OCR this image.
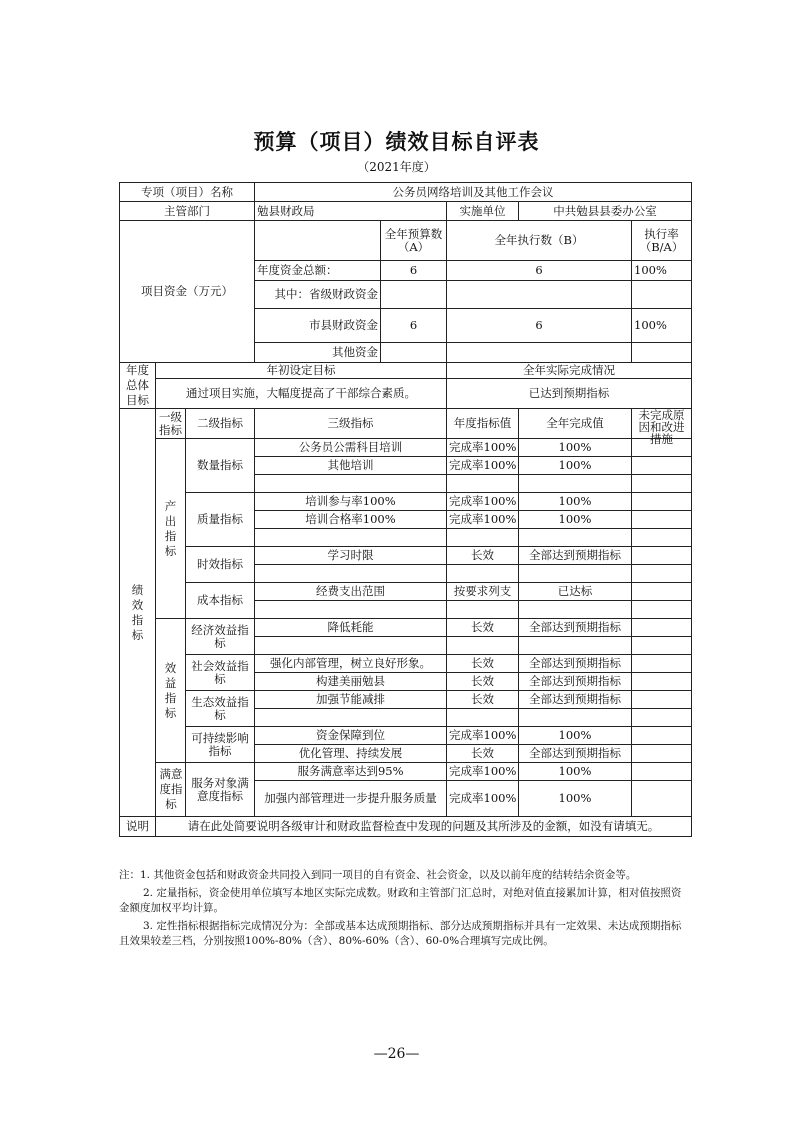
预算（项目）绩效目标自评表
（2021年度）
专项（项目）名称			公务员网络培训及其他工作会议				
主管部门			勉县财政局		实施单位	中共勉县县委办公室	
项目资金（万元）				全年预算数（A）	全年执行数（B）		执行率（B/A）
			年度资金总额：	6	6		100%
			其中：省级财政资金				
			市县财政资金	6	6		100%
			其他资金				
年度总体目标	年初设定目标				全年实际完成情况		
	通过项目实施，大幅度提高了干部综合素质。				已达到预期指标		
绩效指标	一级指标	二级指标	三级指标		年度指标值	全年完成值	未完成原因和改进措施

	产出指标	数量指标	公务员公需科目培训		完成率100%	100%	
			其他培训		完成率100%	100%	

		质量指标	培训参与率100%		完成率100%	100%	
			培训合格率100%		完成率100%	100%	

		时效指标	学习时限		长效	全部达到预期指标	

		成本指标	经费支出范围		按要求列支	已达标	

	效益指标	经济效益指标	降低耗能		长效	全部达到预期指标	

		社会效益指标	强化内部管理，树立良好形象。		长效	全部达到预期指标	
			构建美丽勉县		长效	全部达到预期指标	
		生态效益指标	加强节能减排		长效	全部达到预期指标	

		可持续影响指标	资金保障到位		完成率100%	100%	
			优化管理、持续发展		长效	全部达到预期指标	
	满意度指标	服务对象满意度指标	服务满意率达到95%		完成率100%	100%	
			加强内部管理进一步提升服务质量		完成率100%	100%	
说明	请在此处简要说明各级审计和财政监督检查中发现的问题及其所涉及的金额，如没有请填无。						

注：1. 其他资金包括和财政资金共同投入到同一项目的自有资金、社会资金，以及以前年度的结转结余资金等。

2. 定量指标，资金使用单位填写本地区实际完成数。财政和主管部门汇总时，对绝对值直接累加计算，相对值按照资金额度加权平均计算。

3. 定性指标根据指标完成情况分为：全部或基本达成预期指标、部分达成预期指标并具有一定效果、未达成预期指标且效果较差三档，分别按照100%-80%（含）、80%-60%（含）、60-0%合理填写完成比例。

—26—
